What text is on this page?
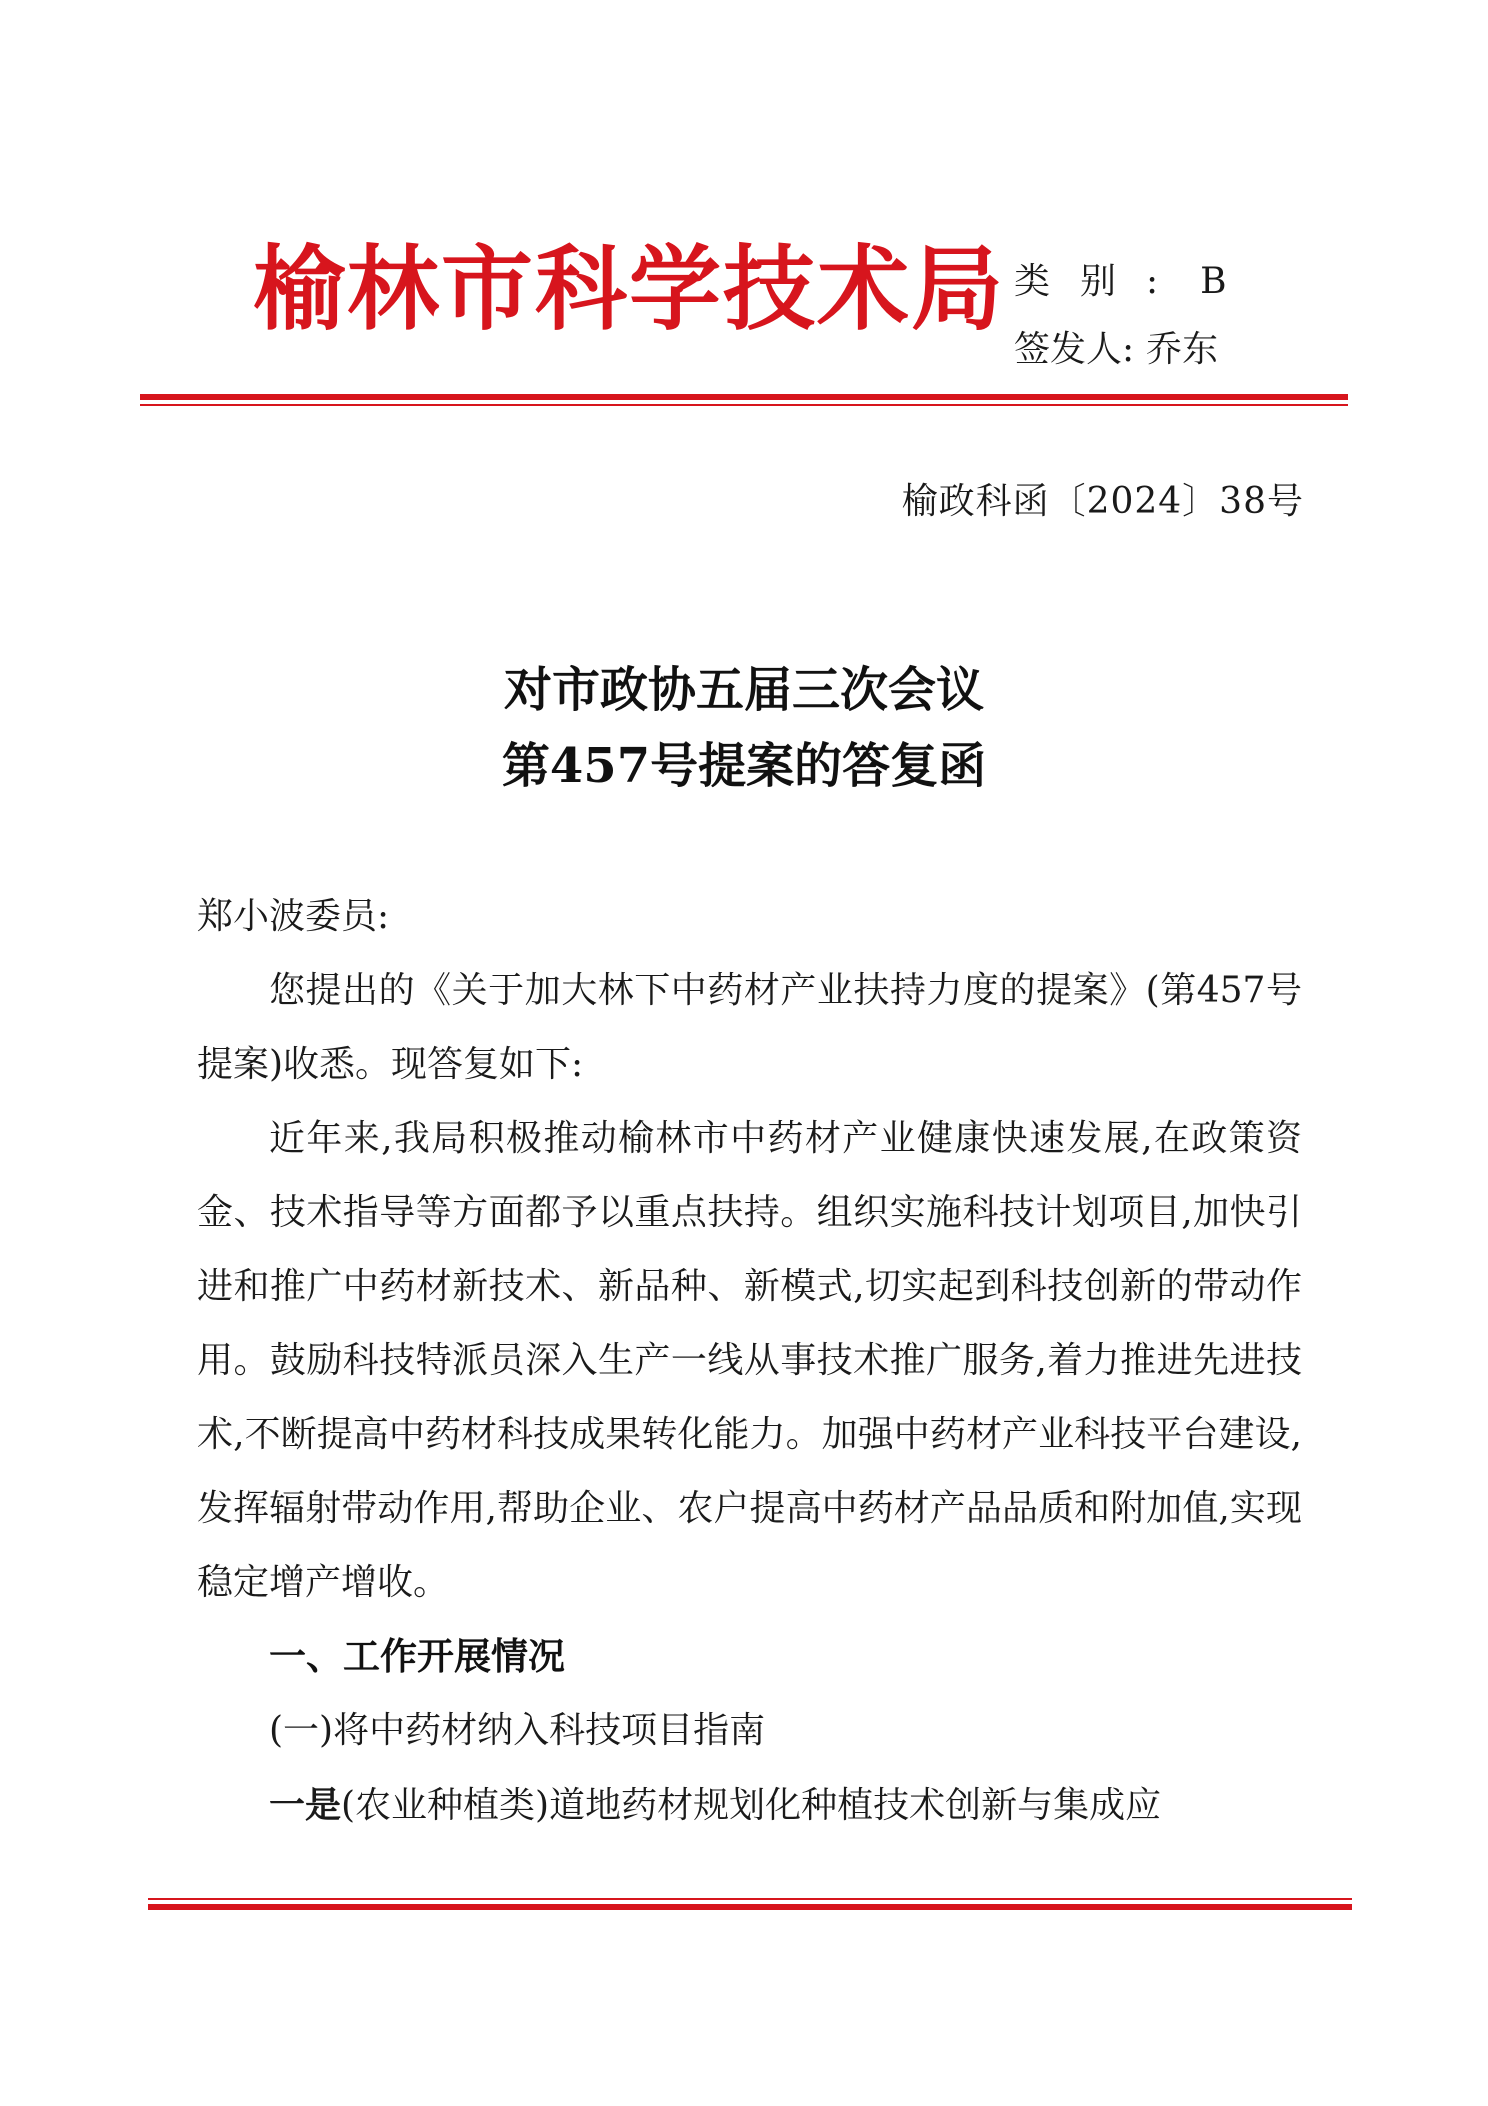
榆林市科学技术局 类别: B
签发人: 乔东
榆政科函〔2024〕38号
对市政协五届三次会议
第457号提案的答复函
郑小波委员:
您提出的《关于加大林下中药材产业扶持力度的提案》(第457号提案)收悉。现答复如下:
近年来,我局积极推动榆林市中药材产业健康快速发展,在政策资金、技术指导等方面都予以重点扶持。组织实施科技计划项目,加快引进和推广中药材新技术、新品种、新模式,切实起到科技创新的带动作用。鼓励科技特派员深入生产一线从事技术推广服务,着力推进先进技术,不断提高中药材科技成果转化能力。加强中药材产业科技平台建设,发挥辐射带动作用,帮助企业、农户提高中药材产品品质和附加值,实现稳定增产增收。
一、工作开展情况
(一)将中药材纳入科技项目指南
一是(农业种植类)道地药材规划化种植技术创新与集成应
